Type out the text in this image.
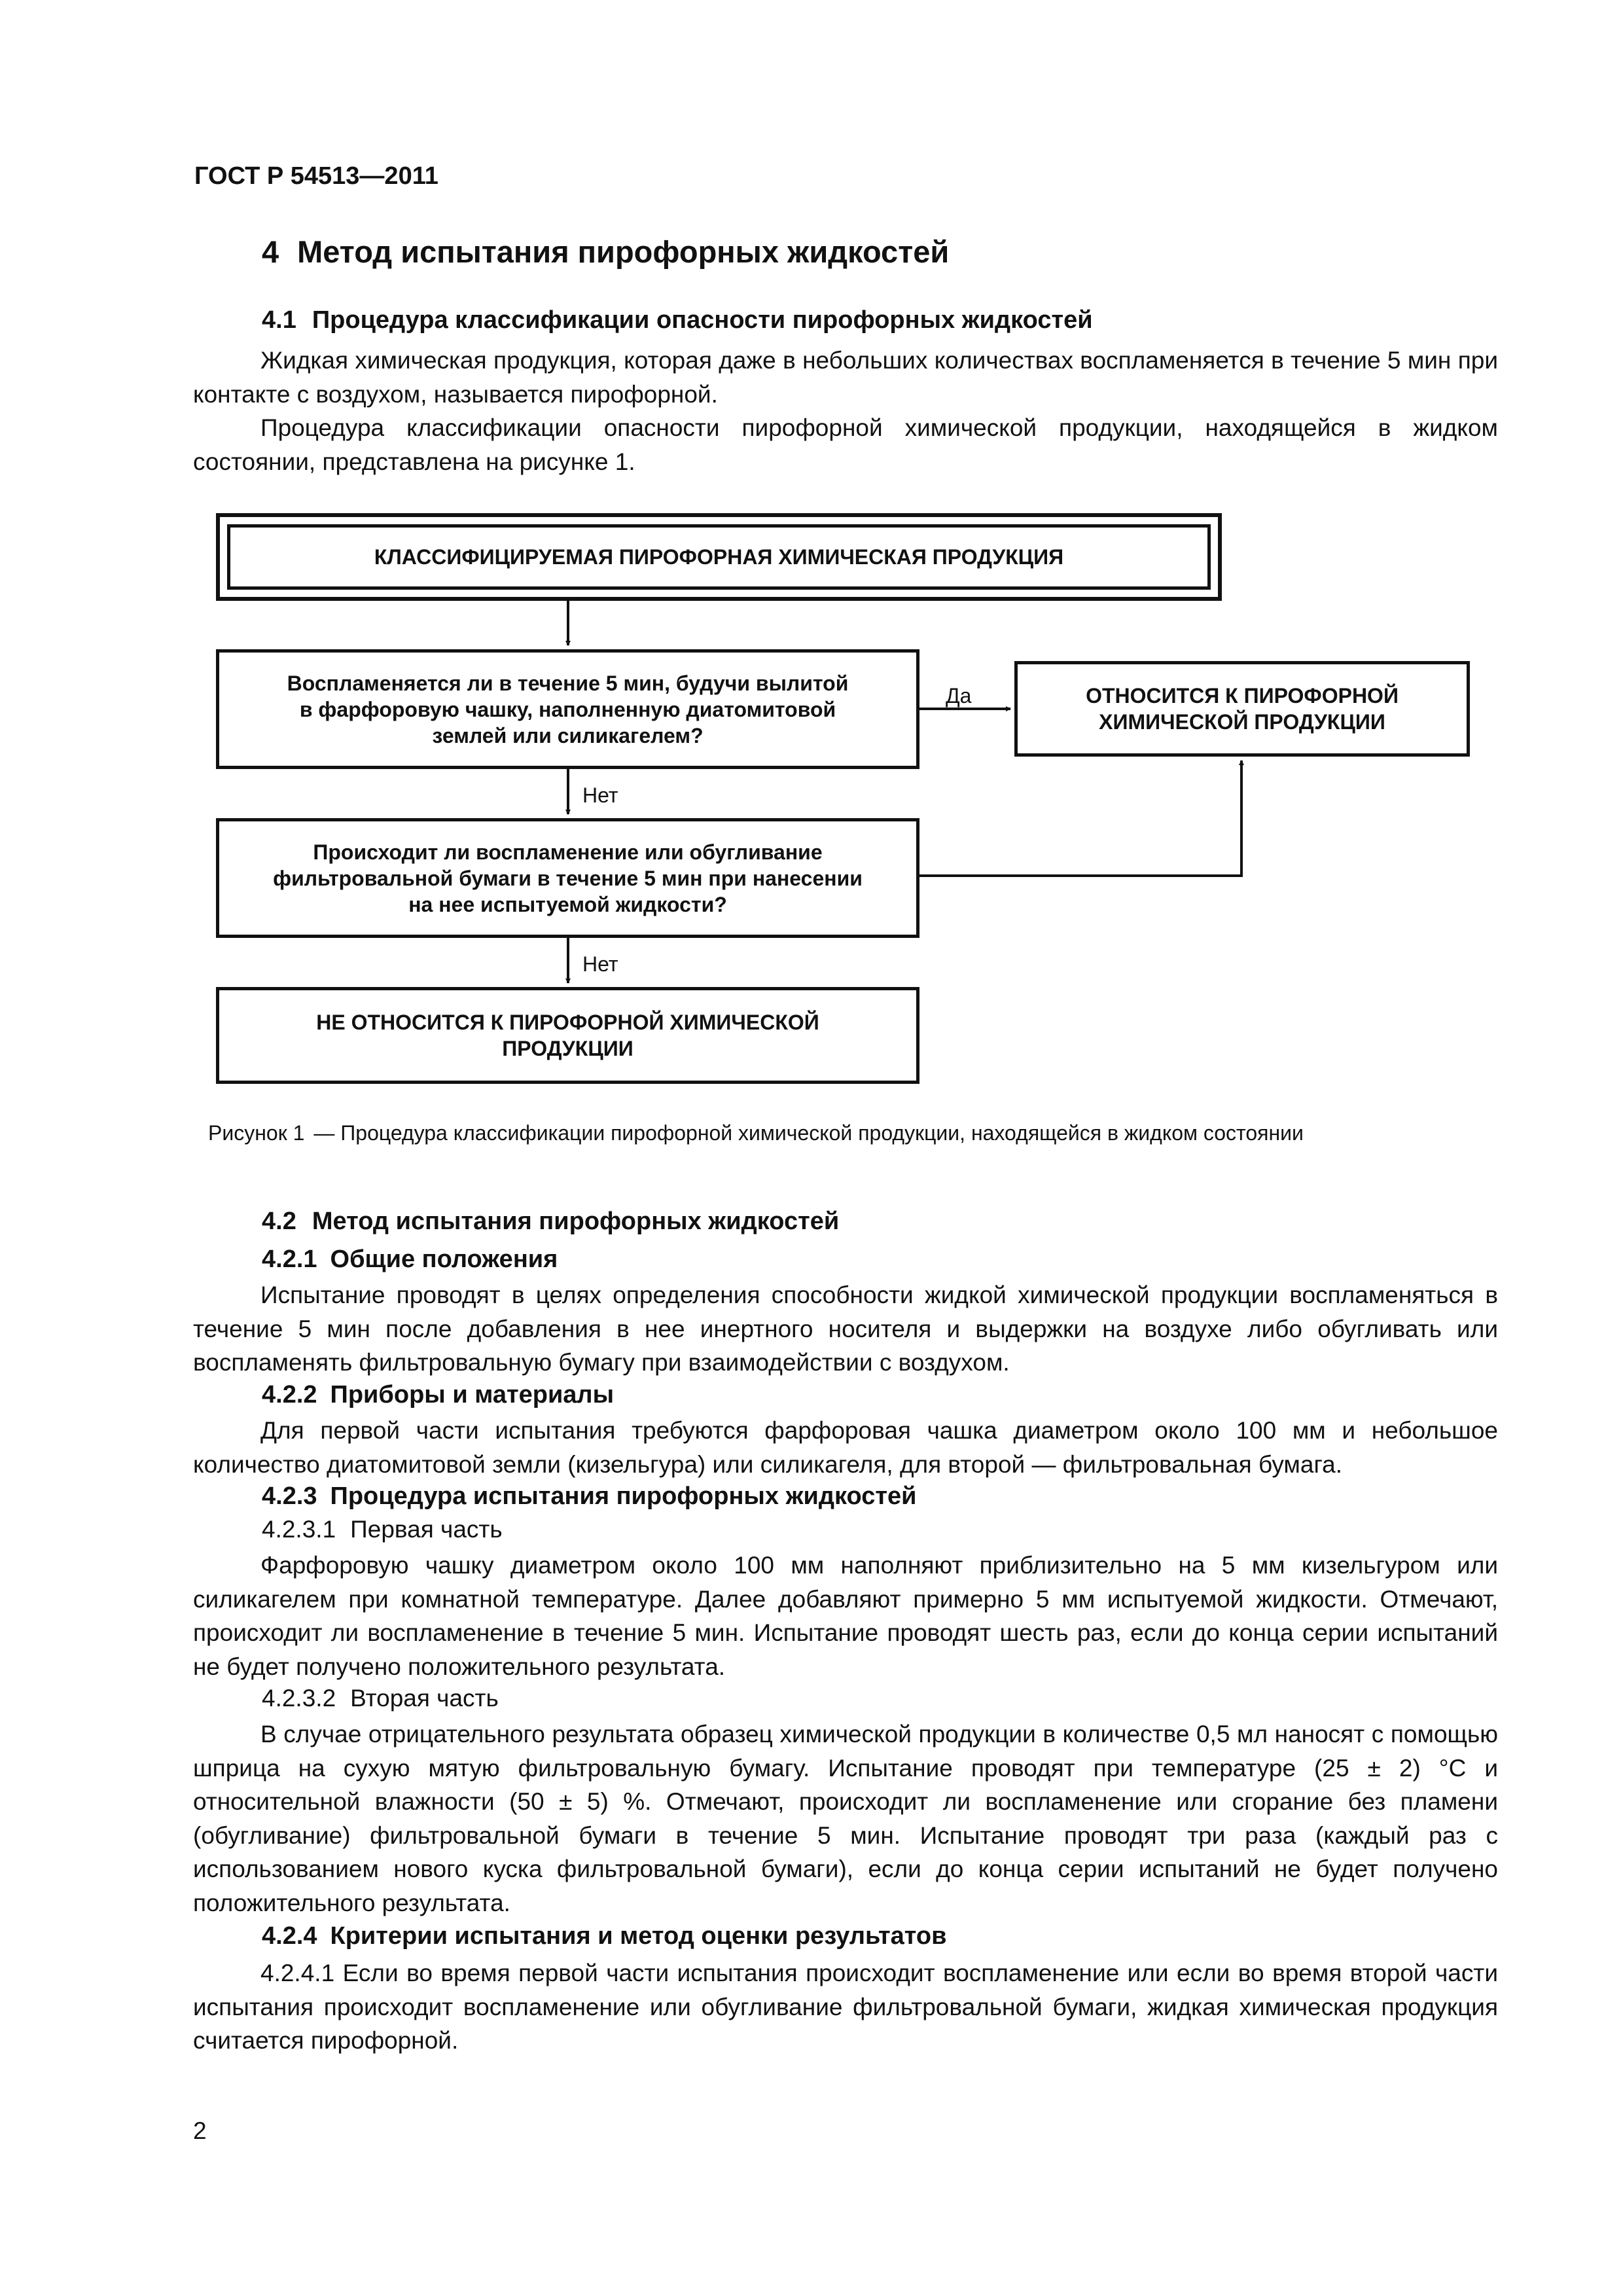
ГОСТ Р 54513—2011
4 Метод испытания пирофорных жидкостей
4.1 Процедура классификации опасности пирофорных жидкостей

Жидкая химическая продукция, которая даже в небольших количествах воспламеняется в течение 5 мин при контакте с воздухом, называется пирофорной.

Процедура классификации опасности пирофорной химической продукции, находящейся в жидком состоянии, представлена на рисунке 1.

КЛАССИФИЦИРУЕМАЯ ПИРОФОРНАЯ ХИМИЧЕСКАЯ ПРОДУКЦИЯ
Воспламеняется ли в течение 5 мин, будучи вылитой
в фарфоровую чашку, наполненную диатомитовой
землей или силикагелем?
ОТНОСИТСЯ К ПИРОФОРНОЙ
ХИМИЧЕСКОЙ ПРОДУКЦИИ
Происходит ли воспламенение или обугливание
фильтровальной бумаги в течение 5 мин при нанесении
на нее испытуемой жидкости?
НЕ ОТНОСИТСЯ К ПИРОФОРНОЙ ХИМИЧЕСКОЙ
ПРОДУКЦИИ
Да
Нет
Нет
Рисунок 1 — Процедура классификации пирофорной химической продукции, находящейся в жидком состоянии
4.2 Метод испытания пирофорных жидкостей
4.2.1 Общие положения

Испытание проводят в целях определения способности жидкой химической продукции воспламеняться в течение 5 мин после добавления в нее инертного носителя и выдержки на воздухе либо обугливать или воспламенять фильтровальную бумагу при взаимодействии с воздухом.

4.2.2 Приборы и материалы

Для первой части испытания требуются фарфоровая чашка диаметром около 100 мм и небольшое количество диатомитовой земли (кизельгура) или силикагеля, для второй — фильтровальная бумага.

4.2.3 Процедура испытания пирофорных жидкостей
4.2.3.1 Первая часть

Фарфоровую чашку диаметром около 100 мм наполняют приблизительно на 5 мм кизельгуром или силикагелем при комнатной температуре. Далее добавляют примерно 5 мм испытуемой жидкости. Отмечают, происходит ли воспламенение в течение 5 мин. Испытание проводят шесть раз, если до конца серии испытаний не будет получено положительного результата.

4.2.3.2 Вторая часть

В случае отрицательного результата образец химической продукции в количестве 0,5 мл наносят с помощью шприца на сухую мятую фильтровальную бумагу. Испытание проводят при температуре (25 ± 2) °С и относительной влажности (50 ± 5) %. Отмечают, происходит ли воспламенение или сгорание без пламени (обугливание) фильтровальной бумаги в течение 5 мин. Испытание проводят три раза (каждый раз с использованием нового куска фильтровальной бумаги), если до конца серии испытаний не будет получено положительного результата.

4.2.4 Критерии испытания и метод оценки результатов

4.2.4.1 Если во время первой части испытания происходит воспламенение или если во время второй части испытания происходит воспламенение или обугливание фильтровальной бумаги, жидкая химическая продукция считается пирофорной.

2
